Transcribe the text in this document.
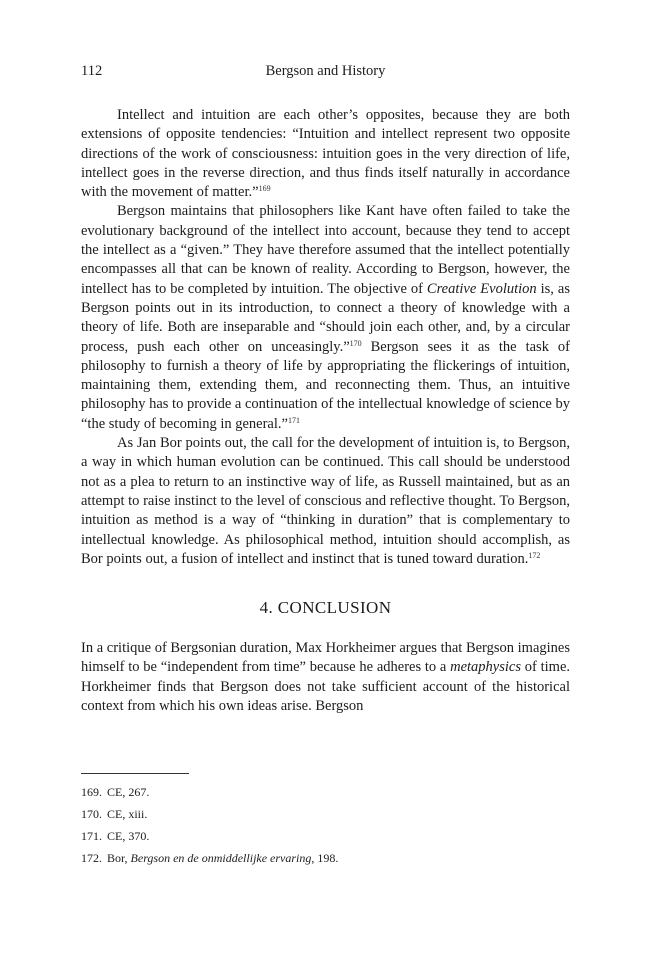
112	Bergson and History

Intellect and intuition are each other’s opposites, because they are both extensions of opposite tendencies: “Intuition and intellect represent two opposite directions of the work of consciousness: intuition goes in the very direction of life, intellect goes in the reverse direction, and thus finds itself naturally in accordance with the movement of matter.”$^{169}$

Bergson maintains that philosophers like Kant have often failed to take the evolutionary background of the intellect into account, because they tend to accept the intellect as a “given.” They have therefore assumed that the intellect potentially encompasses all that can be known of reality. According to Bergson, however, the intellect has to be completed by intuition. The objective of Creative Evolution is, as Bergson points out in its introduction, to connect a theory of knowledge with a theory of life. Both are inseparable and “should join each other, and, by a circular process, push each other on unceasingly.”$^{170}$ Bergson sees it as the task of philosophy to furnish a theory of life by appropriating the flickerings of intuition, maintaining them, extending them, and reconnecting them. Thus, an intuitive philosophy has to provide a continuation of the intellectual knowledge of science by “the study of becoming in general.”$^{171}$

As Jan Bor points out, the call for the development of intuition is, to Bergson, a way in which human evolution can be continued. This call should be understood not as a plea to return to an instinctive way of life, as Russell maintained, but as an attempt to raise instinct to the level of conscious and reflective thought. To Bergson, intuition as method is a way of “thinking in duration” that is complementary to intellectual knowledge. As philosophical method, intuition should accomplish, as Bor points out, a fusion of intellect and instinct that is tuned toward duration.$^{172}$

4. CONCLUSION

In a critique of Bergsonian duration, Max Horkheimer argues that Bergson imagines himself to be “independent from time” because he adheres to a metaphysics of time. Horkheimer finds that Bergson does not take sufficient account of the historical context from which his own ideas arise. Bergson

169. CE, 267.
170. CE, xiii.
171. CE, 370.
172. Bor, Bergson en de onmiddellijke ervaring, 198.
